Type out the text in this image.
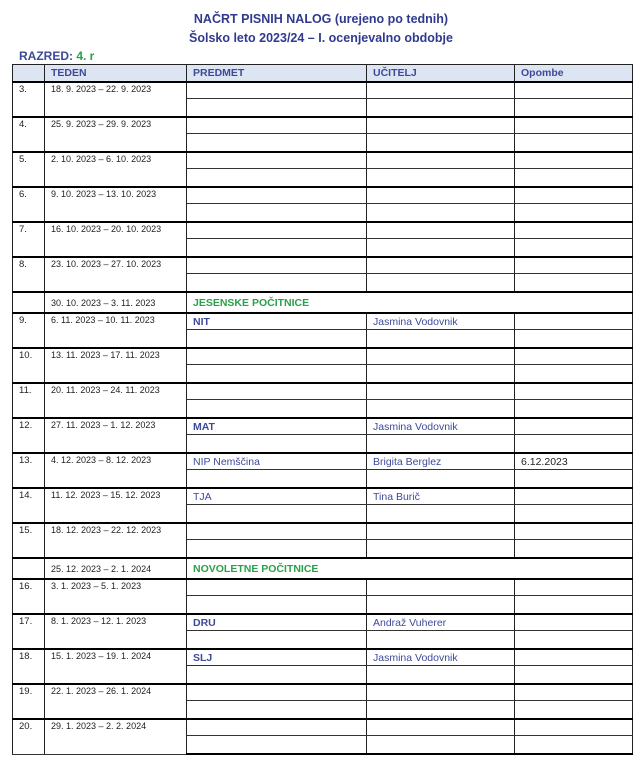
NAČRT PISNIH NALOG (urejeno po tednih)
Šolsko leto 2023/24 – I. ocenjevalno obdobje
RAZRED: 4. r
	TEDEN	PREDMET	UČITELJ	Opombe
3.	18. 9. 2023 – 22. 9. 2023			

4.	25. 9. 2023 – 29. 9. 2023			

5.	2. 10. 2023 – 6. 10. 2023			

6.	9. 10. 2023 – 13. 10. 2023			

7.	16. 10. 2023 – 20. 10. 2023			

8.	23. 10. 2023 – 27. 10. 2023			

	30. 10. 2023 – 3. 11. 2023	JESENSKE POČITNICE		
9.	6. 11. 2023 – 10. 11. 2023	NIT	Jasmina Vodovnik	

10.	13. 11. 2023 – 17. 11. 2023			

11.	20. 11. 2023 – 24. 11. 2023			

12.	27. 11. 2023 – 1. 12. 2023	MAT	Jasmina Vodovnik	

13.	4. 12. 2023 – 8. 12. 2023	NIP Nemščina	Brigita Berglez	6.12.2023

14.	11. 12. 2023 – 15. 12. 2023	TJA	Tina Burič	

15.	18. 12. 2023 – 22. 12. 2023			

	25. 12. 2023 – 2. 1. 2024	NOVOLETNE POČITNICE		
16.	3. 1. 2023 – 5. 1. 2023			

17.	8. 1. 2023 – 12. 1. 2023	DRU	Andraž Vuherer	

18.	15. 1. 2023 – 19. 1. 2024	SLJ	Jasmina Vodovnik	

19.	22. 1. 2023 – 26. 1. 2024			

20.	29. 1. 2023 – 2. 2. 2024			
